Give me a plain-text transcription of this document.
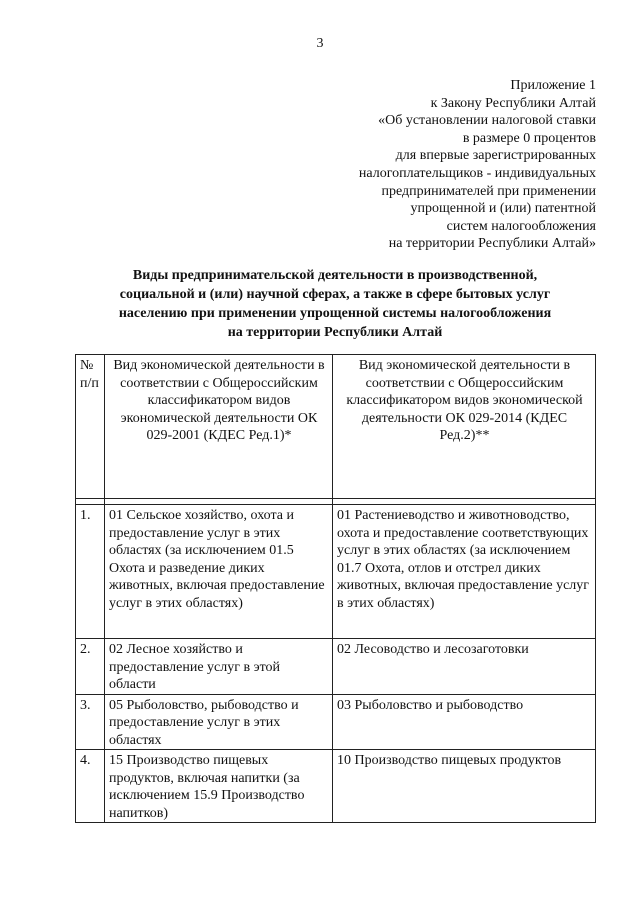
3
Приложение 1
к Закону Республики Алтай
«Об установлении налоговой ставки
в размере 0 процентов
для впервые зарегистрированных
налогоплательщиков - индивидуальных
предпринимателей при применении
упрощенной и (или) патентной
систем налогообложения
на территории Республики Алтай»
Виды предпринимательской деятельности в производственной,
социальной и (или) научной сферах, а также в сфере бытовых услуг
населению при применении упрощенной системы налогообложения
на территории Республики Алтай
№ п/п	Вид экономической деятельности в соответствии с Общероссийским классификатором видов экономической деятельности ОК 029-2001 (КДЕС Ред.1)*	Вид экономической деятельности в соответствии с Общероссийским классификатором видов экономической деятельности ОК 029-2014 (КДЕС Ред.2)**

1.	01 Сельское хозяйство, охота и предоставление услуг в этих областях (за исключением 01.5 Охота и разведение диких животных, включая предоставление услуг в этих областях)	01 Растениеводство и животноводство, охота и предоставление соответствующих услуг в этих областях (за исключением 01.7 Охота, отлов и отстрел диких животных, включая предоставление услуг в этих областях)
2.	02 Лесное хозяйство и предоставление услуг в этой области	02 Лесоводство и лесозаготовки
3.	05 Рыболовство, рыбоводство и предоставление услуг в этих областях	03 Рыболовство и рыбоводство
4.	15 Производство пищевых продуктов, включая напитки (за исключением 15.9 Производство напитков)	10 Производство пищевых продуктов
